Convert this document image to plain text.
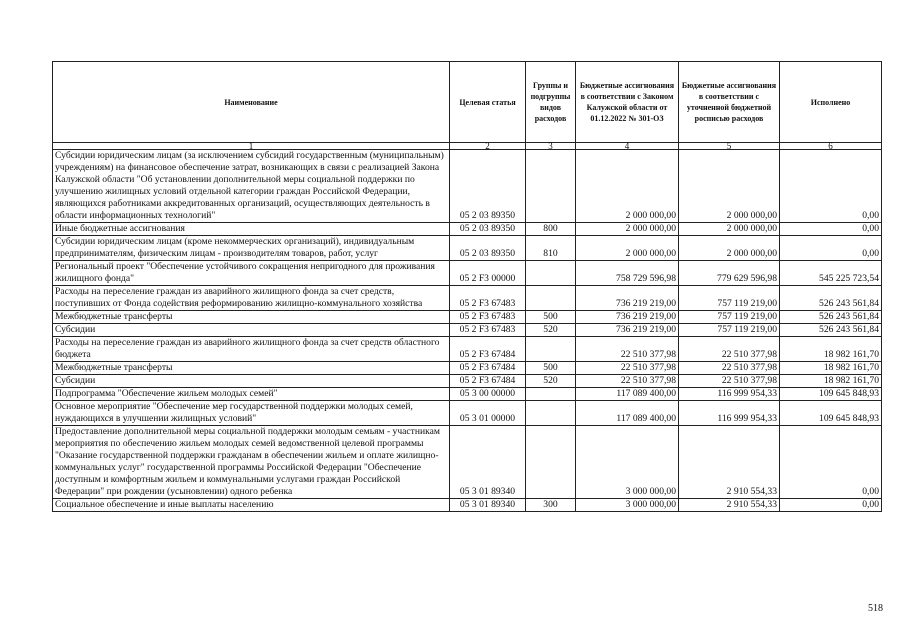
Наименование	Целевая статья	Группы и подгруппы видов расходов	Бюджетные ассигнования в соответствии с Законом Калужской области от 01.12.2022 № 301-ОЗ	Бюджетные ассигнования в соответствии с уточненной бюджетной росписью расходов	Исполнено
1	2	3	4	5	6
Субсидии юридическим лицам (за исключением субсидий государственным (муниципальным) учреждениям) на финансовое обеспечение затрат, возникающих в связи с реализацией Закона Калужской области "Об установлении дополнительной меры социальной поддержки по улучшению жилищных условий отдельной категории граждан Российской Федерации, являющихся работниками аккредитованных организаций, осуществляющих деятельность в области информационных технологий"	05 2 03 89350		2 000 000,00	2 000 000,00	0,00
Иные бюджетные ассигнования	05 2 03 89350	800	2 000 000,00	2 000 000,00	0,00
Субсидии юридическим лицам (кроме некоммерческих организаций), индивидуальным предпринимателям, физическим лицам - производителям товаров, работ, услуг	05 2 03 89350	810	2 000 000,00	2 000 000,00	0,00
Региональный проект "Обеспечение устойчивого сокращения непригодного для проживания жилищного фонда"	05 2 F3 00000		758 729 596,98	779 629 596,98	545 225 723,54
Расходы на переселение граждан из аварийного жилищного фонда за счет средств, поступивших от Фонда содействия реформированию жилищно-коммунального хозяйства	05 2 F3 67483		736 219 219,00	757 119 219,00	526 243 561,84
Межбюджетные трансферты	05 2 F3 67483	500	736 219 219,00	757 119 219,00	526 243 561,84
Субсидии	05 2 F3 67483	520	736 219 219,00	757 119 219,00	526 243 561,84
Расходы на переселение граждан из аварийного жилищного фонда за счет средств областного бюджета	05 2 F3 67484		22 510 377,98	22 510 377,98	18 982 161,70
Межбюджетные трансферты	05 2 F3 67484	500	22 510 377,98	22 510 377,98	18 982 161,70
Субсидии	05 2 F3 67484	520	22 510 377,98	22 510 377,98	18 982 161,70
Подпрограмма "Обеспечение жильем молодых семей"	05 3 00 00000		117 089 400,00	116 999 954,33	109 645 848,93
Основное мероприятие "Обеспечение мер государственной поддержки молодых семей, нуждающихся в улучшении жилищных условий"	05 3 01 00000		117 089 400,00	116 999 954,33	109 645 848,93
Предоставление дополнительной меры социальной поддержки молодым семьям - участникам мероприятия по обеспечению жильем молодых семей ведомственной целевой программы "Оказание государственной поддержки гражданам в обеспечении жильем и оплате жилищно-коммунальных услуг" государственной программы Российской Федерации "Обеспечение доступным и комфортным жильем и коммунальными услугами граждан Российской Федерации" при рождении (усыновлении) одного ребенка	05 3 01 89340		3 000 000,00	2 910 554,33	0,00
Социальное обеспечение и иные выплаты населению	05 3 01 89340	300	3 000 000,00	2 910 554,33	0,00
518
